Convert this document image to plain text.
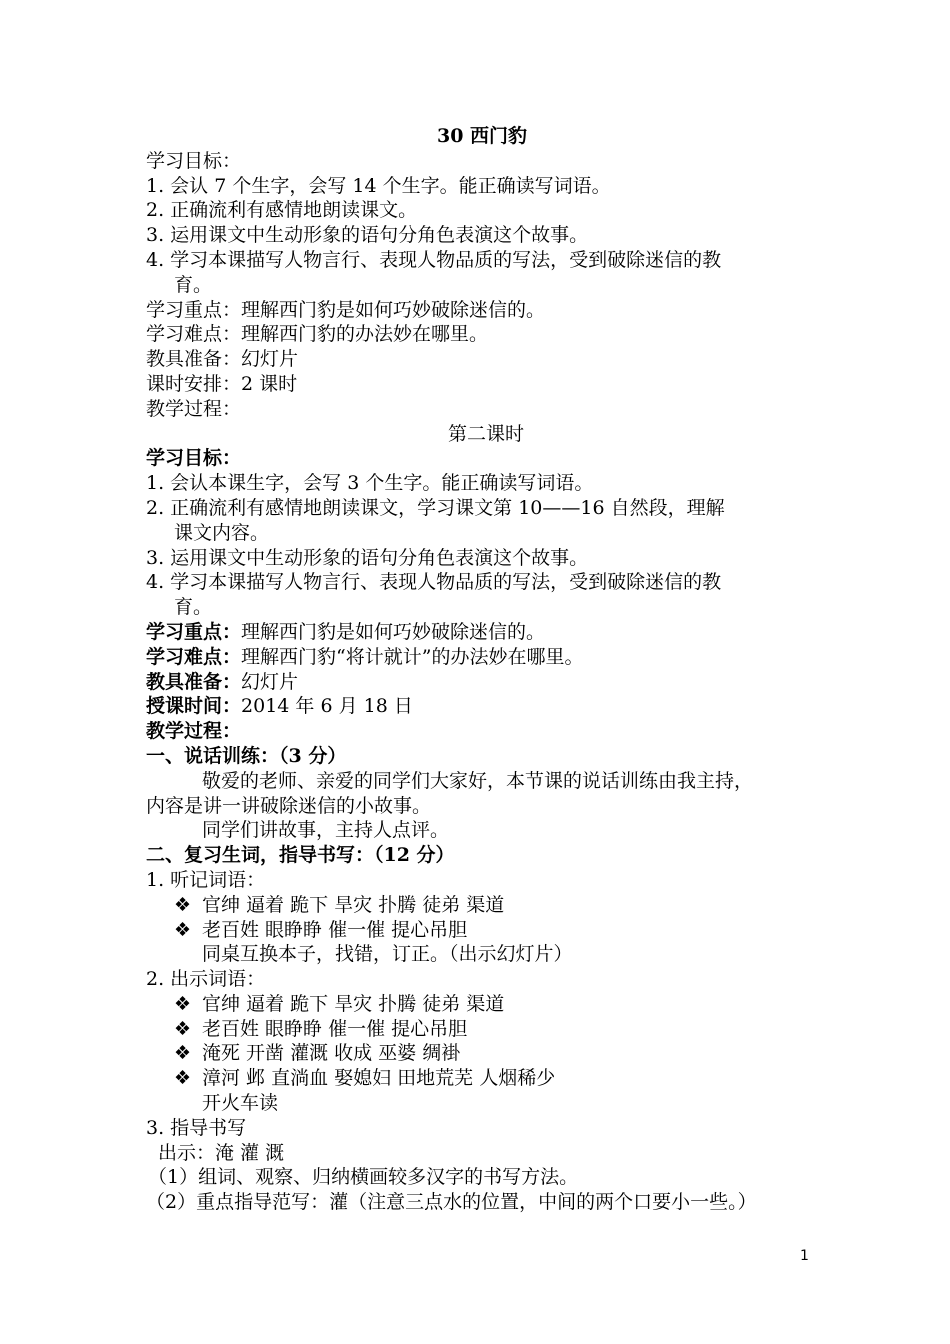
30 西门豹
学习目标：
1. 会认 7 个生字，会写 14 个生字。能正确读写词语。
2. 正确流利有感情地朗读课文。
3. 运用课文中生动形象的语句分角色表演这个故事。
4. 学习本课描写人物言行、表现人物品质的写法，受到破除迷信的教
育。
学习重点：理解西门豹是如何巧妙破除迷信的。
学习难点：理解西门豹的办法妙在哪里。
教具准备：幻灯片
课时安排：2 课时
教学过程：
第二课时
学习目标：
1. 会认本课生字，会写 3 个生字。能正确读写词语。
2. 正确流利有感情地朗读课文，学习课文第 10——16 自然段，理解
课文内容。
3. 运用课文中生动形象的语句分角色表演这个故事。
4. 学习本课描写人物言行、表现人物品质的写法，受到破除迷信的教
育。
学习重点：理解西门豹是如何巧妙破除迷信的。
学习难点：理解西门豹“将计就计”的办法妙在哪里。
教具准备：幻灯片
授课时间：2014 年 6 月 18 日
教学过程：
一、说话训练：（3 分）
敬爱的老师、亲爱的同学们大家好，本节课的说话训练由我主持，
内容是讲一讲破除迷信的小故事。
同学们讲故事，主持人点评。
二、复习生词，指导书写：（12 分）
1. 听记词语：
❖ 官绅 逼着 跪下 旱灾 扑腾 徒弟 渠道
❖ 老百姓 眼睁睁 催一催 提心吊胆
同桌互换本子，找错，订正。（出示幻灯片）
2. 出示词语：
❖ 官绅 逼着 跪下 旱灾 扑腾 徒弟 渠道
❖ 老百姓 眼睁睁 催一催 提心吊胆
❖ 淹死 开凿 灌溉 收成 巫婆 绸褂
❖ 漳河 邺 直淌血 娶媳妇 田地荒芜 人烟稀少
开火车读
3. 指导书写
出示：淹 灌 溉
（1）组词、观察、归纳横画较多汉字的书写方法。
（2）重点指导范写：灌（注意三点水的位置，中间的两个口要小一些。）
1
